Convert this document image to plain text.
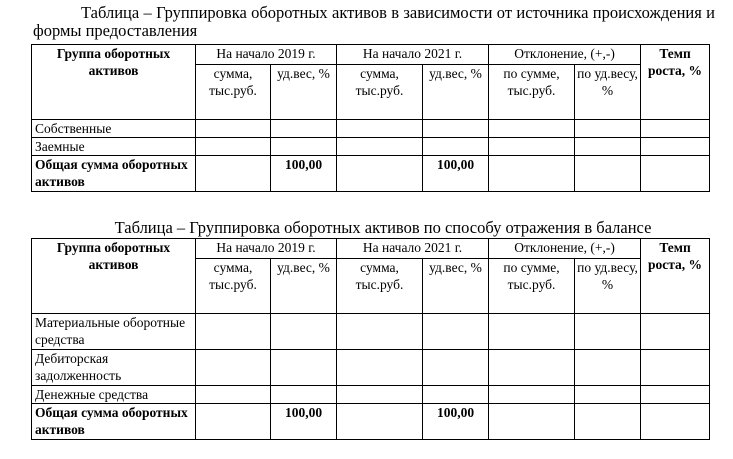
Таблица – Группировка оборотных активов в зависимости от источника происхождения и формы предоставления

Группа оборотных активов	На начало 2019 г.		На начало 2021 г.		Отклонение, (+,-)		Темп роста, %
	сумма, тыс.руб.	уд.вес, %	сумма, тыс.руб.	уд.вес, %	по сумме, тыс.руб.	по уд.весу, %	
Собственные							
Заемные							
Общая сумма оборотных активов		100,00		100,00			

Таблица – Группировка оборотных активов по способу отражения в балансе

Группа оборотных активов	На начало 2019 г.		На начало 2021 г.		Отклонение, (+,-)		Темп роста, %
	сумма, тыс.руб.	уд.вес, %	сумма, тыс.руб.	уд.вес, %	по сумме, тыс.руб.	по уд.весу, %	
Материальные оборотные средства							
Дебиторская задолженность							
Денежные средства							
Общая сумма оборотных активов		100,00		100,00			
